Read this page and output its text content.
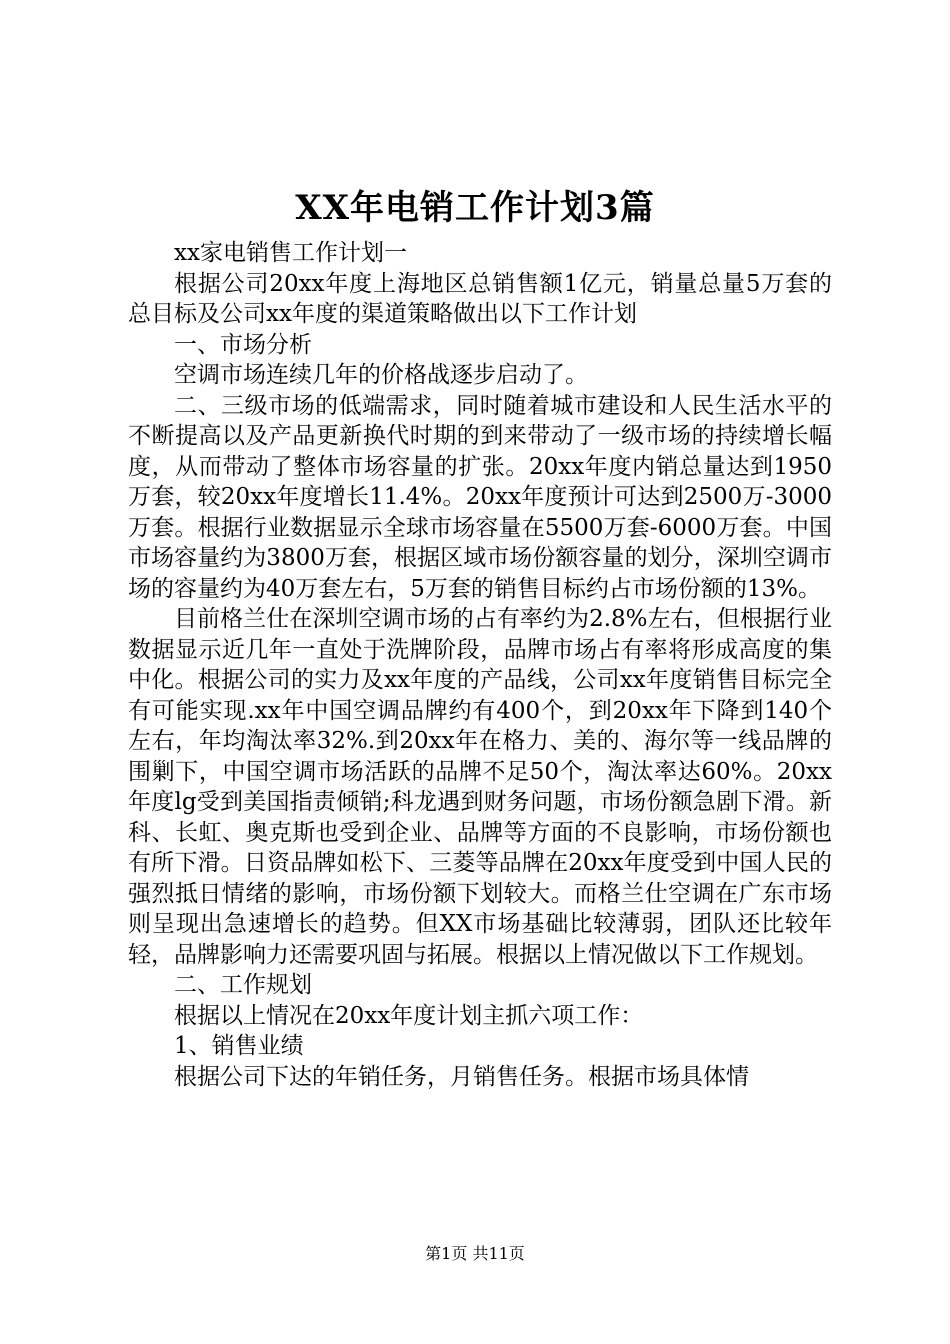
XX年电销工作计划3篇

xx家电销售工作计划一

根据公司20xx年度上海地区总销售额1亿元，销量总量5万套的总目标及公司xx年度的渠道策略做出以下工作计划

一、市场分析

空调市场连续几年的价格战逐步启动了。

二、三级市场的低端需求，同时随着城市建设和人民生活水平的不断提高以及产品更新换代时期的到来带动了一级市场的持续增长幅度，从而带动了整体市场容量的扩张。20xx年度内销总量达到1950万套，较20xx年度增长11.4%。20xx年度预计可达到2500万-3000万套。根据行业数据显示全球市场容量在5500万套-6000万套。中国市场容量约为3800万套，根据区域市场份额容量的划分，深圳空调市场的容量约为40万套左右，5万套的销售目标约占市场份额的13%。

目前格兰仕在深圳空调市场的占有率约为2.8%左右，但根据行业数据显示近几年一直处于洗牌阶段，品牌市场占有率将形成高度的集中化。根据公司的实力及xx年度的产品线，公司xx年度销售目标完全有可能实现.xx年中国空调品牌约有400个，到20xx年下降到140个左右，年均淘汰率32%.到20xx年在格力、美的、海尔等一线品牌的围剿下，中国空调市场活跃的品牌不足50个，淘汰率达60%。20xx年度lg受到美国指责倾销;科龙遇到财务问题，市场份额急剧下滑。新科、长虹、奥克斯也受到企业、品牌等方面的不良影响，市场份额也有所下滑。日资品牌如松下、三菱等品牌在20xx年度受到中国人民的强烈抵日情绪的影响，市场份额下划较大。而格兰仕空调在广东市场则呈现出急速增长的趋势。但XX市场基础比较薄弱，团队还比较年轻，品牌影响力还需要巩固与拓展。根据以上情况做以下工作规划。

二、工作规划

根据以上情况在20xx年度计划主抓六项工作：

1、销售业绩

根据公司下达的年销任务，月销售任务。根据市场具体情

第1页 共11页
